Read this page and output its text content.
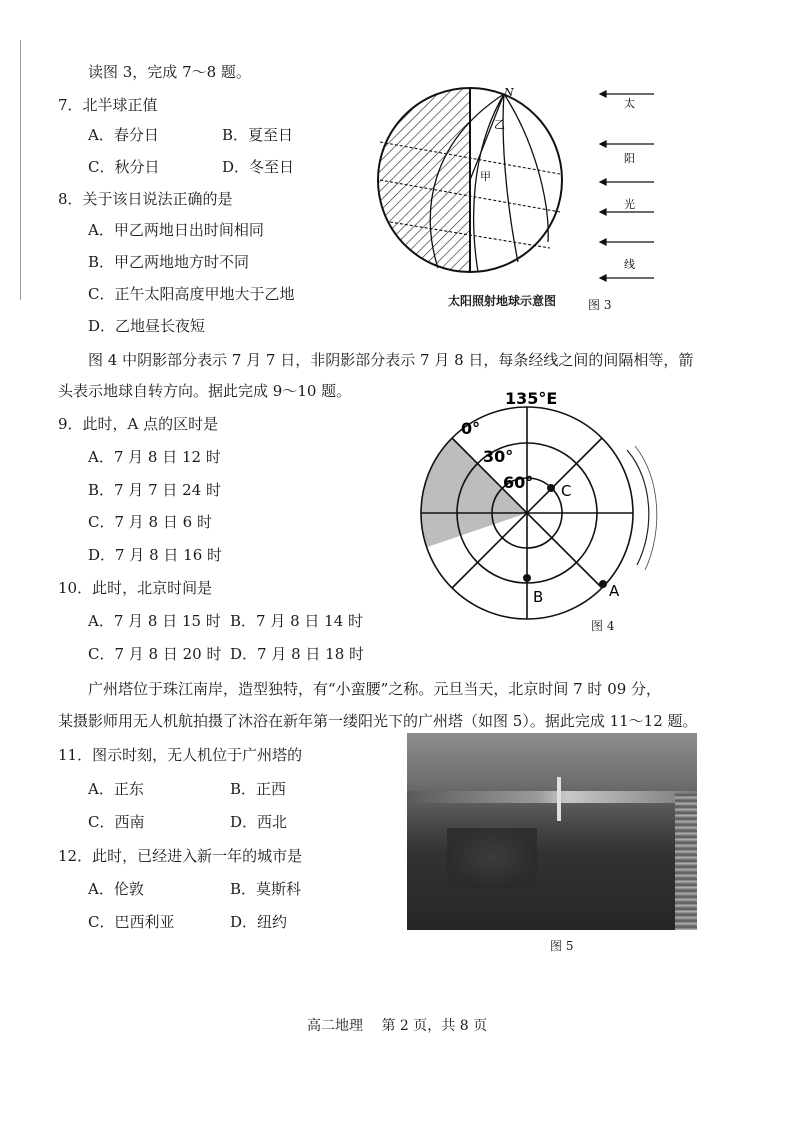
读图 3，完成 7～8 题。
7．北半球正值
A．春分日	B．夏至日
C．秋分日	D．冬至日
8．关于该日说法正确的是
A．甲乙两地日出时间相同
B．甲乙两地地方时不同
C．正午太阳高度甲地大于乙地
D．乙地昼长夜短
N
乙
甲
太
阳
光
线
太阳照射地球示意图	图 3
图 4 中阴影部分表示 7 月 7 日，非阴影部分表示 7 月 8 日，每条经线之间的间隔相等，箭
头表示地球自转方向。据此完成 9～10 题。
9．此时，A 点的区时是
A．7 月 8 日 12 时
B．7 月 7 日 24 时
C．7 月 8 日 6 时
D．7 月 8 日 16 时
10．此时，北京时间是
A．7 月 8 日 15 时 B．7 月 8 日 14 时
C．7 月 8 日 20 时 D．7 月 8 日 18 时
C
B	A
135°E
0°
30°
60°
图 4
广州塔位于珠江南岸，造型独特，有“小蛮腰”之称。元旦当天，北京时间 7 时 09 分，
某摄影师用无人机航拍摄了沐浴在新年第一缕阳光下的广州塔（如图 5）。据此完成 11～12 题。
11．图示时刻，无人机位于广州塔的
A．正东	B．正西
C．西南	D．西北
12．此时，已经进入新一年的城市是
A．伦敦	B．莫斯科
C．巴西利亚	D．纽约
图 5
高二地理　 第 2 页，共 8 页
